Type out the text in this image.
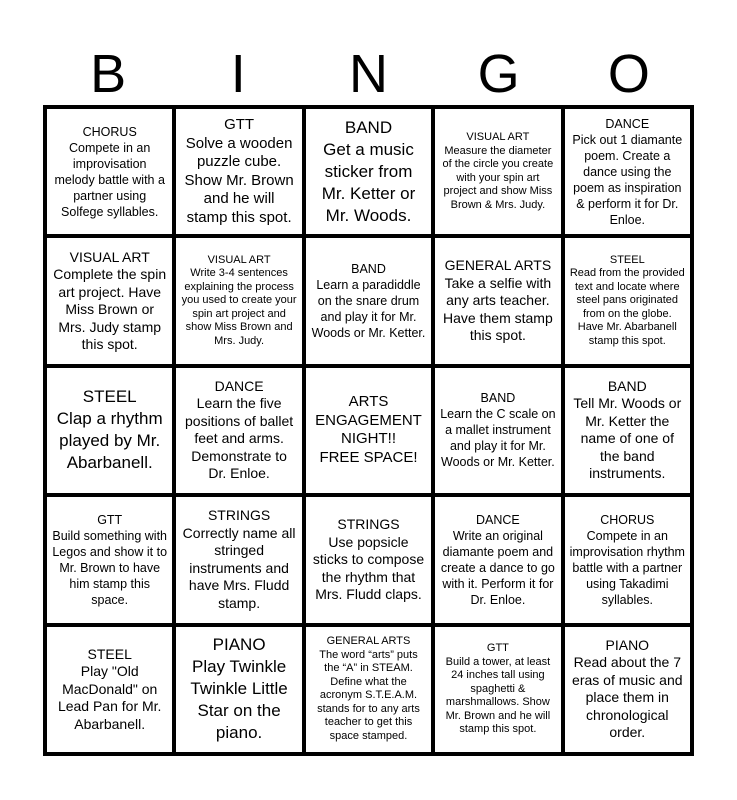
B	I	N	G	O
CHORUS
Compete in an improvisation melody battle with a partner using Solfege syllables.
GTT
Solve a wooden puzzle cube. Show Mr. Brown and he will stamp this spot.
BAND
Get a music sticker from Mr. Ketter or Mr. Woods.
VISUAL ART
Measure the diameter of the circle you create with your spin art project and show Miss Brown & Mrs. Judy.
DANCE
Pick out 1 diamante poem. Create a dance using the poem as inspiration & perform it for Dr. Enloe.
VISUAL ART
Complete the spin art project. Have Miss Brown or Mrs. Judy stamp this spot.
VISUAL ART
Write 3-4 sentences explaining the process you used to create your spin art project and show Miss Brown and Mrs. Judy.
BAND
Learn a paradiddle on the snare drum and play it for Mr. Woods or Mr. Ketter.
GENERAL ARTS
Take a selfie with any arts teacher. Have them stamp this spot.
STEEL
Read from the provided text and locate where steel pans originated from on the globe. Have Mr. Abarbanell stamp this spot.
STEEL
Clap a rhythm played by Mr. Abarbanell.
DANCE
Learn the five positions of ballet feet and arms. Demonstrate to Dr. Enloe.
ARTS ENGAGEMENT NIGHT!!
FREE SPACE!
BAND
Learn the C scale on a mallet instrument and play it for Mr. Woods or Mr. Ketter.
BAND
Tell Mr. Woods or Mr. Ketter the name of one of the band instruments.
GTT
Build something with Legos and show it to Mr. Brown to have him stamp this space.
STRINGS
Correctly name all stringed instruments and have Mrs. Fludd stamp.
STRINGS
Use popsicle sticks to compose the rhythm that Mrs. Fludd claps.
DANCE
Write an original diamante poem and create a dance to go with it. Perform it for Dr. Enloe.
CHORUS
Compete in an improvisation rhythm battle with a partner using Takadimi syllables.
STEEL
Play "Old MacDonald" on Lead Pan for Mr. Abarbanell.
PIANO
Play Twinkle Twinkle Little Star on the piano.
GENERAL ARTS
The word “arts” puts the “A” in STEAM. Define what the acronym S.T.E.A.M. stands for to any arts teacher to get this space stamped.
GTT
Build a tower, at least 24 inches tall using spaghetti & marshmallows. Show Mr. Brown and he will stamp this spot.
PIANO
Read about the 7 eras of music and place them in chronological order.
